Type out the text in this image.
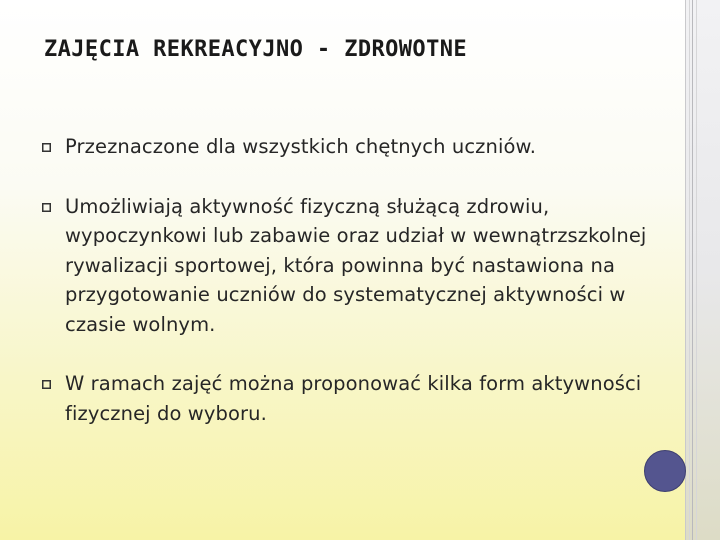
ZAJĘCIA REKREACYJNO - ZDROWOTNE
Przeznaczone dla wszystkich chętnych uczniów.
Umożliwiają aktywność fizyczną służącą zdrowiu, wypoczynkowi lub zabawie oraz udział w wewnątrzszkolnej rywalizacji sportowej, która powinna być nastawiona na przygotowanie uczniów do systematycznej aktywności w czasie wolnym.
W ramach zajęć można proponować kilka form aktywności fizycznej do wyboru.
